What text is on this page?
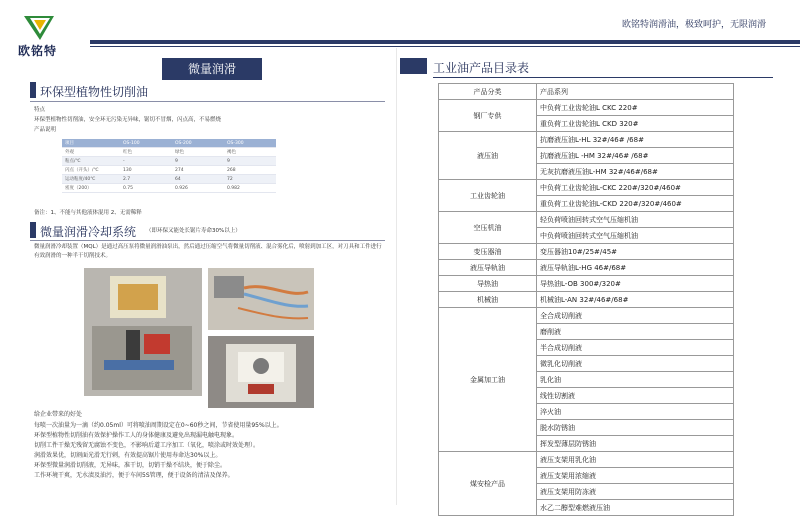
欧铭特
欧铭特润滑油，极致呵护，无限润滑
微量润滑
环保型植物性切削油
特点
环保型植物性切削油，安全环无污染无异味，锯切不冒烟，闪点高，不易燃烧
产品说明
项目	OS-100	OS-200	OS-300
外观	红色	绿色	褐色
粘点/℃	-	9	9
闪点（开头）/℃	130	274	268
运动粘度/40℃	2.7	64	72
密度（200）	0.75	0.926	0.982
备注：1、不能与其他液体混用 2、无需稀释
微量润滑冷却系统 （即环保又能处长锯片寿命30%以上）
微量润滑冷却装置（MQL）是通过高压泵将微量润滑油泵出，然后通过压缩空气将微量切削液、混合雾化后，喷射到加工区，对刀具和工件进行有效润滑的一种半干切削技术。
给企业带来的好处
每喷一次油量为一滴（约0.05ml）可将喷油周期设定在0~60秒之间，节省使用量95%以上。
环保型植物性切削油有效保护操作工人的身体健康及避免出现漏电触电现象。
切削工件干燥无残留无腐蚀不变色，不影响后道工序加工（氧化，喷涂或时效处理）。
润滑效果优，切割面光滑无行刺，有效提高锯片使用寿命达30%以上。
环保型微量润滑切削液，无异味，准干切，切销干燥不结块，便于除尘。
工作环境干爽，无水渍及油污，便于车间5S管理，便于设备的清洁及保养。
工业油产品目录表
产品分类	产品系列
钢厂专供	中负荷工业齿轮油L CKC 220#
	重负荷工业齿轮油L CKD 320#
液压油	抗磨液压油L-HL 32#/46# /68#
	抗磨液压油L -HM 32#/46# /68#
	无灰抗磨液压油L-HM 32#/46#/68#
工业齿轮油	中负荷工业齿轮油L-CKC 220#/320#/460#
	重负荷工业齿轮油L-CKD 220#/320#/460#
空压机油	轻负荷喷油回转式空气压缩机油
	中负荷喷油回转式空气压缩机油
变压器油	变压器油10#/25#/45#
液压导轨油	液压导轨油L-HG 46#/68#
导热油	导热油L-OB 300#/320#
机械油	机械油L-AN 32#/46#/68#
金属加工油	全合成切削液
	磨削液
	半合成切削液
	微乳化切削液
	乳化油
	线性切割液
	淬火油
	脱水防锈油
	挥发型薄层防锈油
煤安检产品	液压支架用乳化油
	液压支架用浓缩液
	液压支架用防冻液
	水乙二醇型难燃液压油
